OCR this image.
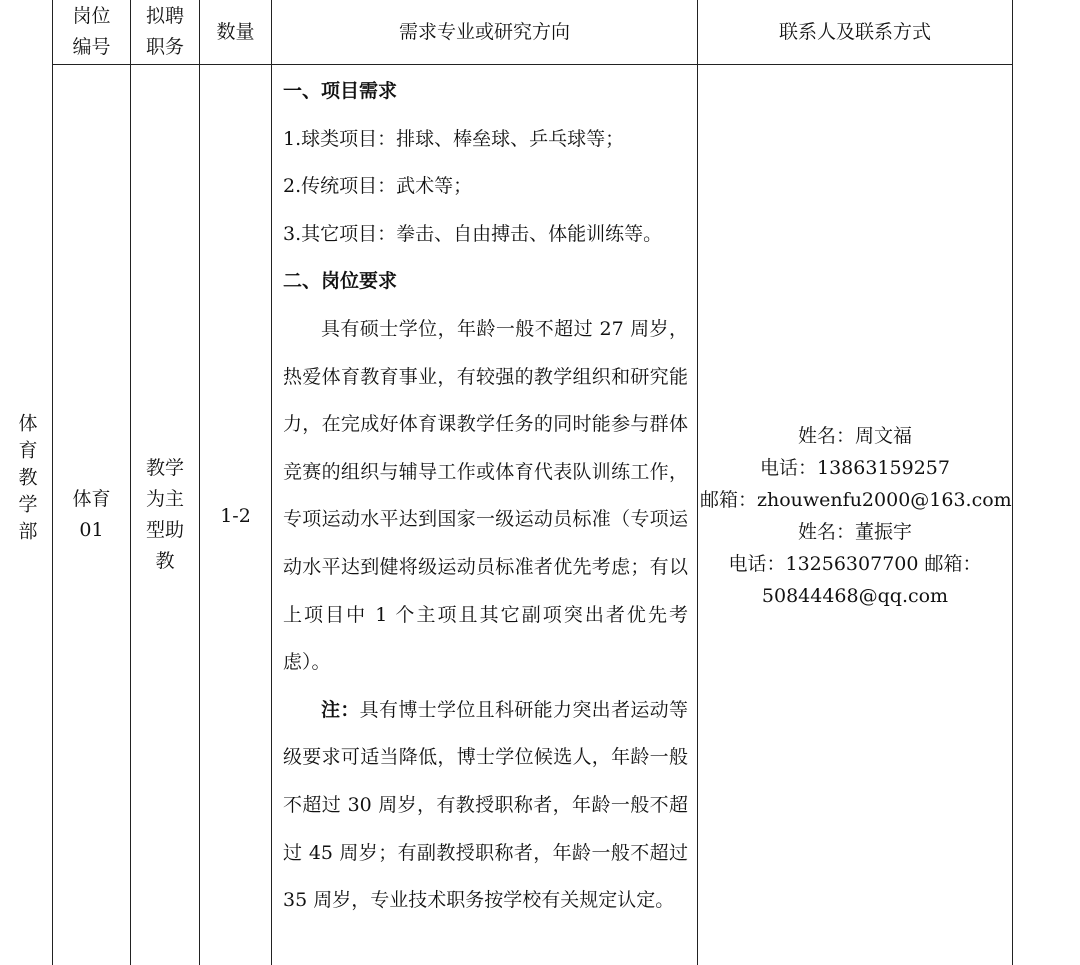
岗位
编号
拟聘
职务
数量	需求专业或研究方向	联系人及联系方式
体育教学部 体育
01
教学
为主
型助
教
1-2

一、项目需求

1.球类项目：排球、棒垒球、乒乓球等；

2.传统项目：武术等；

3.其它项目：拳击、自由搏击、体能训练等。

二、岗位要求

具有硕士学位，年龄一般不超过 27 周岁，热爱体育教育事业，有较强的教学组织和研究能力，在完成好体育课教学任务的同时能参与群体竞赛的组织与辅导工作或体育代表队训练工作，专项运动水平达到国家一级运动员标准（专项运动水平达到健将级运动员标准者优先考虑；有以上项目中 1 个主项且其它副项突出者优先考虑）。

注：具有博士学位且科研能力突出者运动等级要求可适当降低，博士学位候选人，年龄一般不超过 30 周岁，有教授职称者，年龄一般不超过 45 周岁；有副教授职称者，年龄一般不超过 35 周岁，专业技术职务按学校有关规定认定。

姓名：周文福
电话：13863159257
邮箱：zhouwenfu2000@163.com
姓名：董振宇
电话：13256307700 邮箱：
50844468@qq.com
